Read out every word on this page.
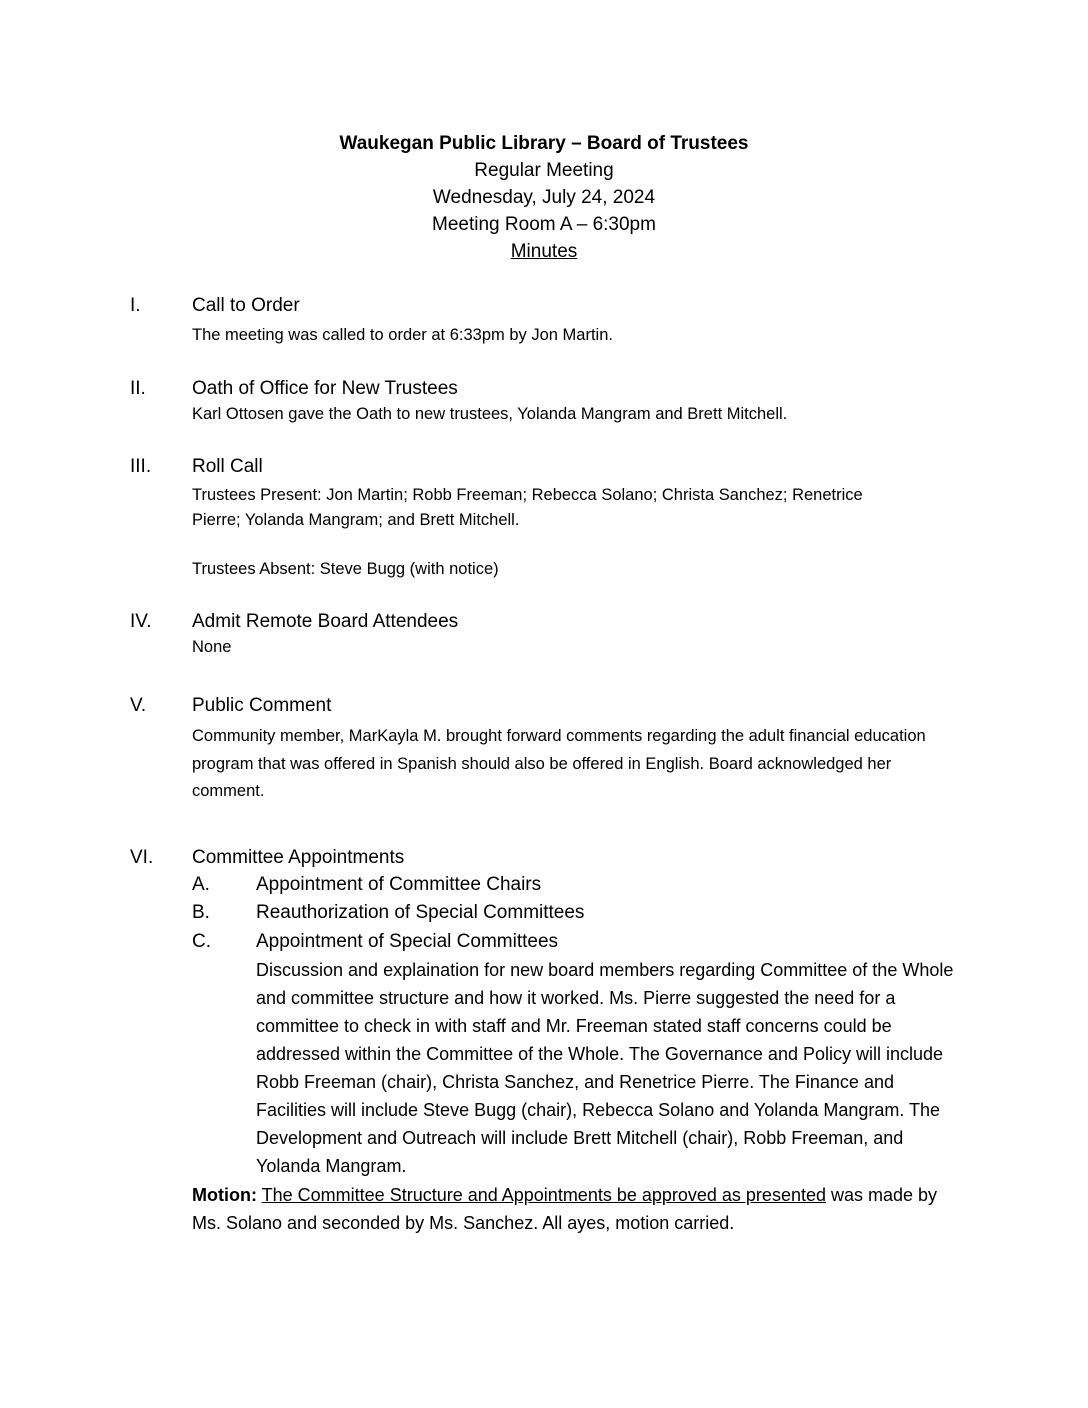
Waukegan Public Library – Board of Trustees
Regular Meeting
Wednesday, July 24, 2024
Meeting Room A – 6:30pm
Minutes
I.	Call to Order
The meeting was called to order at 6:33pm by Jon Martin.
II. Oath of Office for New Trustees
Karl Ottosen gave the Oath to new trustees, Yolanda Mangram and Brett Mitchell.
III. Roll Call
Trustees Present: Jon Martin; Robb Freeman; Rebecca Solano; Christa Sanchez; Renetrice Pierre; Yolanda Mangram; and Brett Mitchell.
Trustees Absent: Steve Bugg (with notice)
IV. Admit Remote Board Attendees
None
V. Public Comment
Community member, MarKayla M. brought forward comments regarding the adult financial education program that was offered in Spanish should also be offered in English. Board acknowledged her comment.
VI. Committee Appointments
A. Appointment of Committee Chairs
B. Reauthorization of Special Committees
C. Appointment of Special Committees
Discussion and explaination for new board members regarding Committee of the Whole and committee structure and how it worked. Ms. Pierre suggested the need for a committee to check in with staff and Mr. Freeman stated staff concerns could be addressed within the Committee of the Whole. The Governance and Policy will include Robb Freeman (chair), Christa Sanchez, and Renetrice Pierre. The Finance and Facilities will include Steve Bugg (chair), Rebecca Solano and Yolanda Mangram. The Development and Outreach will include Brett Mitchell (chair), Robb Freeman, and Yolanda Mangram.
Motion: The Committee Structure and Appointments be approved as presented was made by Ms. Solano and seconded by Ms. Sanchez. All ayes, motion carried.
